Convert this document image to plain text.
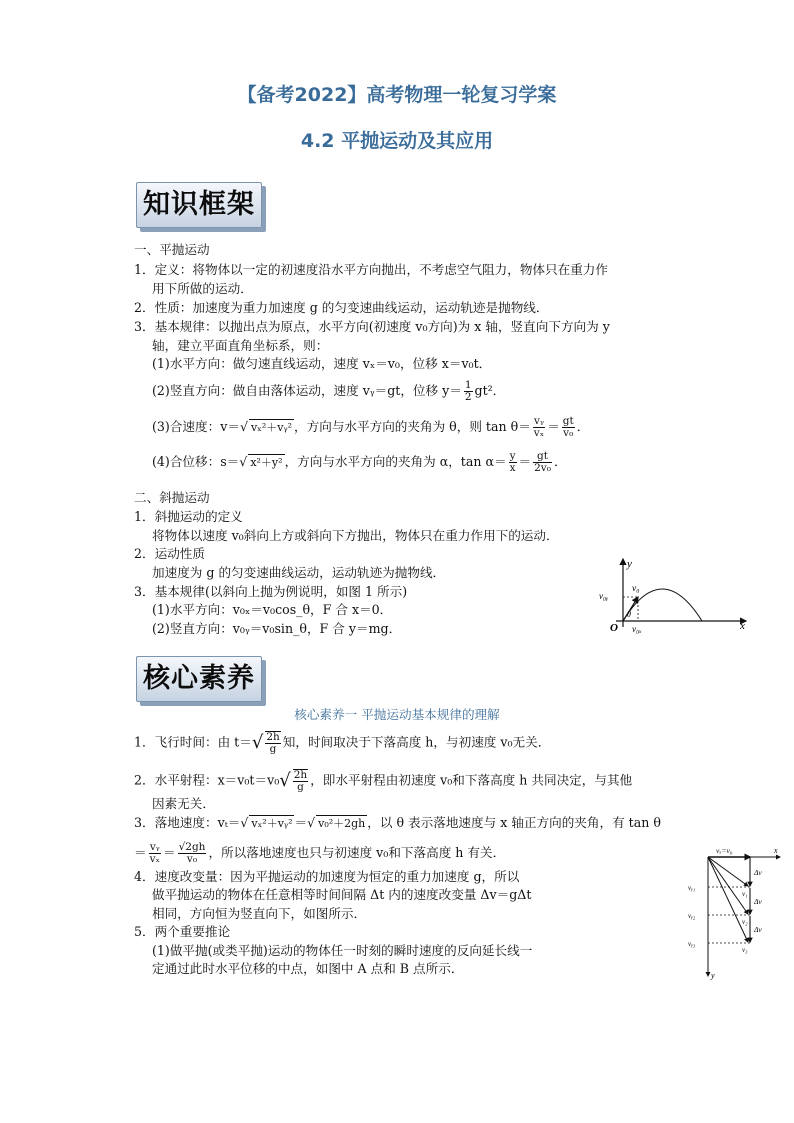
【备考2022】高考物理一轮复习学案
4.2 平抛运动及其应用
知识框架
一、平抛运动
1．定义：将物体以一定的初速度沿水平方向抛出，不考虑空气阻力，物体只在重力作
用下所做的运动．
2．性质：加速度为重力加速度 g 的匀变速曲线运动，运动轨迹是抛物线．
3．基本规律：以抛出点为原点，水平方向(初速度 v₀方向)为 x 轴，竖直向下方向为 y
轴，建立平面直角坐标系，则：
(1)水平方向：做匀速直线运动，速度 vₓ＝v₀，位移 x＝v₀t．
(2)竖直方向：做自由落体运动，速度 vᵧ＝gt，位移 $y= \frac{1}{2} gt^2$．
(3)合速度：v＝√ vₓ²＋vᵧ² ，方向与水平方向的夹角为 θ，则 $\tan \theta= \frac{\text{vᵧ}}{\text{vₓ}} = \frac{gt}{\text{v₀}}$ ．
(4)合位移：s＝√ x²＋y² ，方向与水平方向的夹角为 α，$\tan \alpha= \frac{y}{x} = \frac{gt}{\text{2v₀}}$ ．
二、斜抛运动
1．斜抛运动的定义
将物体以速度 v₀斜向上方或斜向下方抛出，物体只在重力作用下的运动．
2．运动性质
加速度为 g 的匀变速曲线运动，运动轨迹为抛物线．
3．基本规律(以斜向上抛为例说明，如图 1 所示)
(1)水平方向：v₀ₓ＝v₀cos_θ，F 合 x＝0．
(2)竖直方向：v₀ᵧ＝v₀sin_θ，F 合 y＝mg．
y
x
O
v₀
v₀ᵧ
v₀ₓ
θ
核心素养
核心素养一 平抛运动基本规律的理解
1．飞行时间：由 $t=√ \frac{2h}{g}$ 知，时间取决于下落高度 h，与初速度 v₀无关．
2．水平射程：$x=v_0t=v_0√ \frac{2h}{g}$ ，即水平射程由初速度 v₀和下落高度 h 共同决定，与其他
因素无关．
3．落地速度：vₜ＝√ vₓ²＋vᵧ² ＝√ v₀²＋2gh ，以 θ 表示落地速度与 x 轴正方向的夹角，有 tan θ
＝ $\frac{\text{vᵧ}}{\text{vₓ}} = \frac{√2gh}{\text{v₀}}$ ，所以落地速度也只与初速度 v₀和下落高度 h 有关．
4．速度改变量：因为平抛运动的加速度为恒定的重力加速度 g，所以
做平抛运动的物体在任意相等时间间隔 Δt 内的速度改变量 Δv＝gΔt
相同，方向恒为竖直向下，如图所示．
5．两个重要推论
(1)做平抛(或类平抛)运动的物体任一时刻的瞬时速度的反向延长线一
定通过此时水平位移的中点，如图中 A 点和 B 点所示．
vₓ=v₀	x
y
vᵧ₁
vᵧ₂
vᵧ₃
v₁
v₂
v₃
Δv
Δv
Δv
